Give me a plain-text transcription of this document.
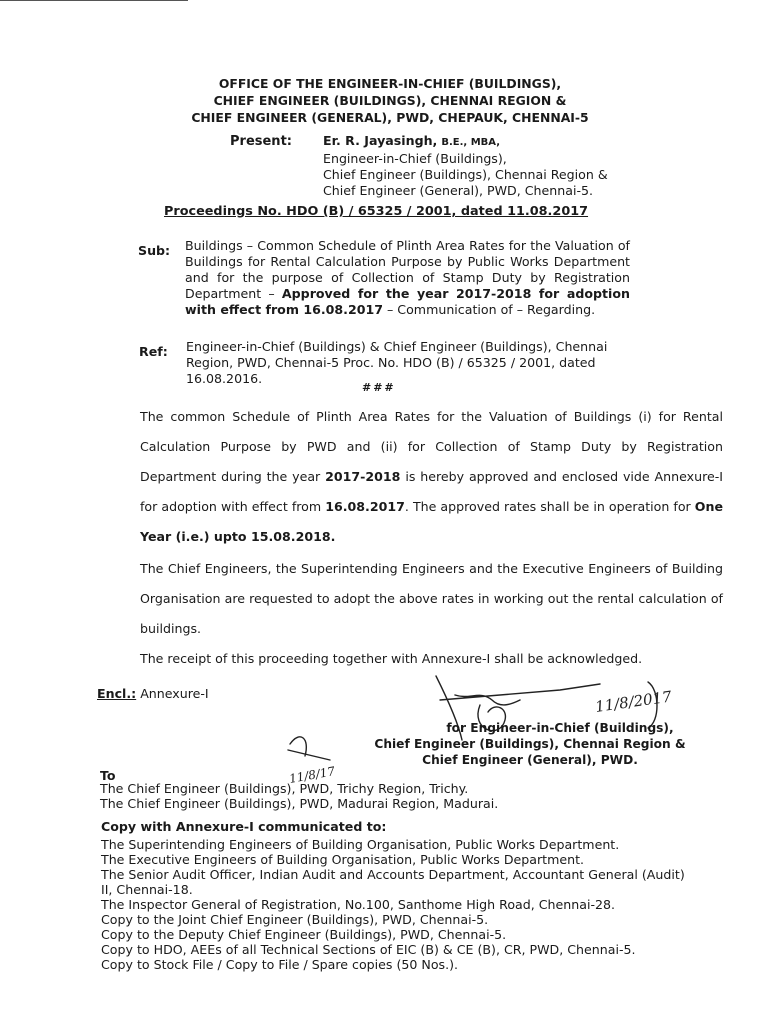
OFFICE OF THE ENGINEER-IN-CHIEF (BUILDINGS),
CHIEF ENGINEER (BUILDINGS), CHENNAI REGION &
CHIEF ENGINEER (GENERAL), PWD, CHEPAUK, CHENNAI-5
Present: Er. R. Jayasingh, B.E., MBA,
Engineer-in-Chief (Buildings),
Chief Engineer (Buildings), Chennai Region &
Chief Engineer (General), PWD, Chennai-5.
Proceedings No. HDO (B) / 65325 / 2001, dated 11.08.2017
Sub: Buildings – Common Schedule of Plinth Area Rates for the Valuation of Buildings for Rental Calculation Purpose by Public Works Department and for the purpose of Collection of Stamp Duty by Registration Department – Approved for the year 2017-2018 for adoption with effect from 16.08.2017 – Communication of – Regarding.
Ref: Engineer-in-Chief (Buildings) & Chief Engineer (Buildings), Chennai Region, PWD, Chennai-5 Proc. No. HDO (B) / 65325 / 2001, dated 16.08.2016.
###
The common Schedule of Plinth Area Rates for the Valuation of Buildings (i) for Rental Calculation Purpose by PWD and (ii) for Collection of Stamp Duty by Registration Department during the year 2017-2018 is hereby approved and enclosed vide Annexure-I for adoption with effect from 16.08.2017. The approved rates shall be in operation for One Year (i.e.) upto 15.08.2018.
The Chief Engineers, the Superintending Engineers and the Executive Engineers of Building Organisation are requested to adopt the above rates in working out the rental calculation of buildings.
The receipt of this proceeding together with Annexure-I shall be acknowledged.
Encl.: Annexure-I	11/8/2017
11/8/17
for Engineer-in-Chief (Buildings),
Chief Engineer (Buildings), Chennai Region &
Chief Engineer (General), PWD.
To
The Chief Engineer (Buildings), PWD, Trichy Region, Trichy.
The Chief Engineer (Buildings), PWD, Madurai Region, Madurai.
Copy with Annexure-I communicated to:
The Superintending Engineers of Building Organisation, Public Works Department.
The Executive Engineers of Building Organisation, Public Works Department.
The Senior Audit Officer, Indian Audit and Accounts Department, Accountant General (Audit) II, Chennai-18.
The Inspector General of Registration, No.100, Santhome High Road, Chennai-28.
Copy to the Joint Chief Engineer (Buildings), PWD, Chennai-5.
Copy to the Deputy Chief Engineer (Buildings), PWD, Chennai-5.
Copy to HDO, AEEs of all Technical Sections of EIC (B) & CE (B), CR, PWD, Chennai-5.
Copy to Stock File / Copy to File / Spare copies (50 Nos.).
